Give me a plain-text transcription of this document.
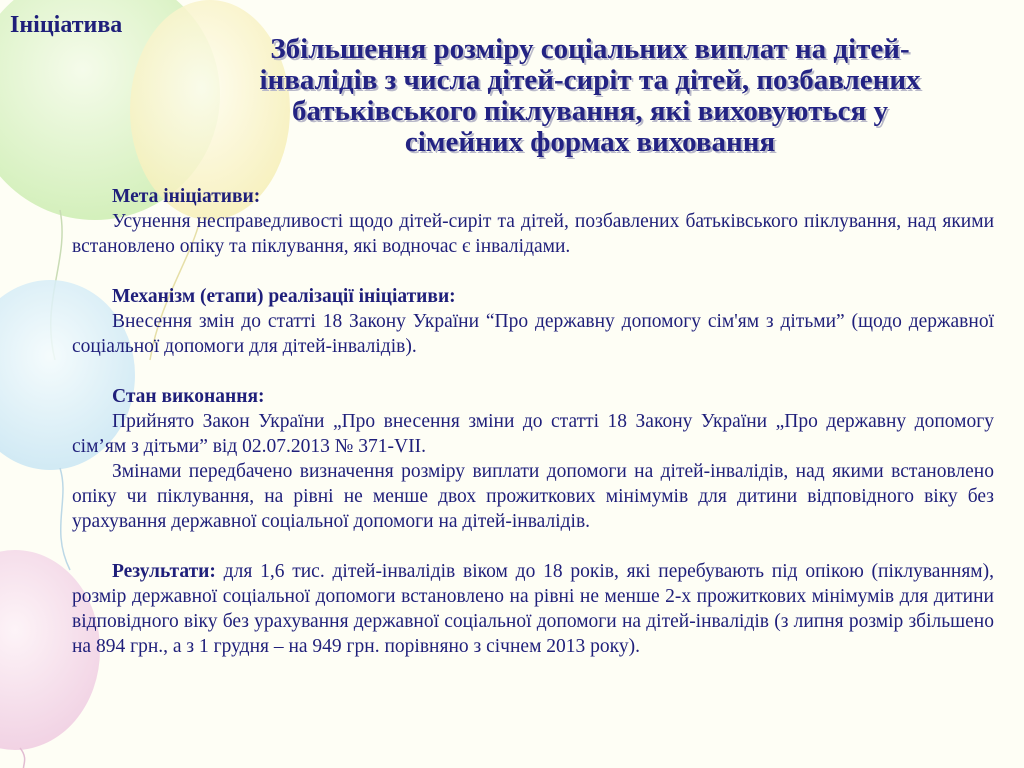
Ініціатива
Збільшення розміру соціальних виплат на дітей-інвалідів з числа дітей-сиріт та дітей, позбавлених батьківського піклування, які виховуються у сімейних формах виховання

Мета ініціативи:

Усунення несправедливості щодо дітей-сиріт та дітей, позбавлених батьківського піклування, над якими встановлено опіку та піклування, які водночас є інвалідами.

Механізм (етапи) реалізації ініціативи:

Внесення змін до статті 18 Закону України “Про державну допомогу сім'ям з дітьми” (щодо державної соціальної допомоги для дітей-інвалідів).

Стан виконання:

Прийнято Закон України „Про внесення зміни до статті 18 Закону України „Про державну допомогу сім’ям з дітьми” від 02.07.2013 № 371-VII.

Змінами передбачено визначення розміру виплати допомоги на дітей-інвалідів, над якими встановлено опіку чи піклування, на рівні не менше двох прожиткових мінімумів для дитини відповідного віку без урахування державної соціальної допомоги на дітей-інвалідів.

Результати: для 1,6 тис. дітей-інвалідів віком до 18 років, які перебувають під опікою (піклуванням), розмір державної соціальної допомоги встановлено на рівні не менше 2-х прожиткових мінімумів для дитини відповідного віку без урахування державної соціальної допомоги на дітей-інвалідів (з липня розмір збільшено на 894 грн., а з 1 грудня – на 949 грн. порівняно з січнем 2013 року).
